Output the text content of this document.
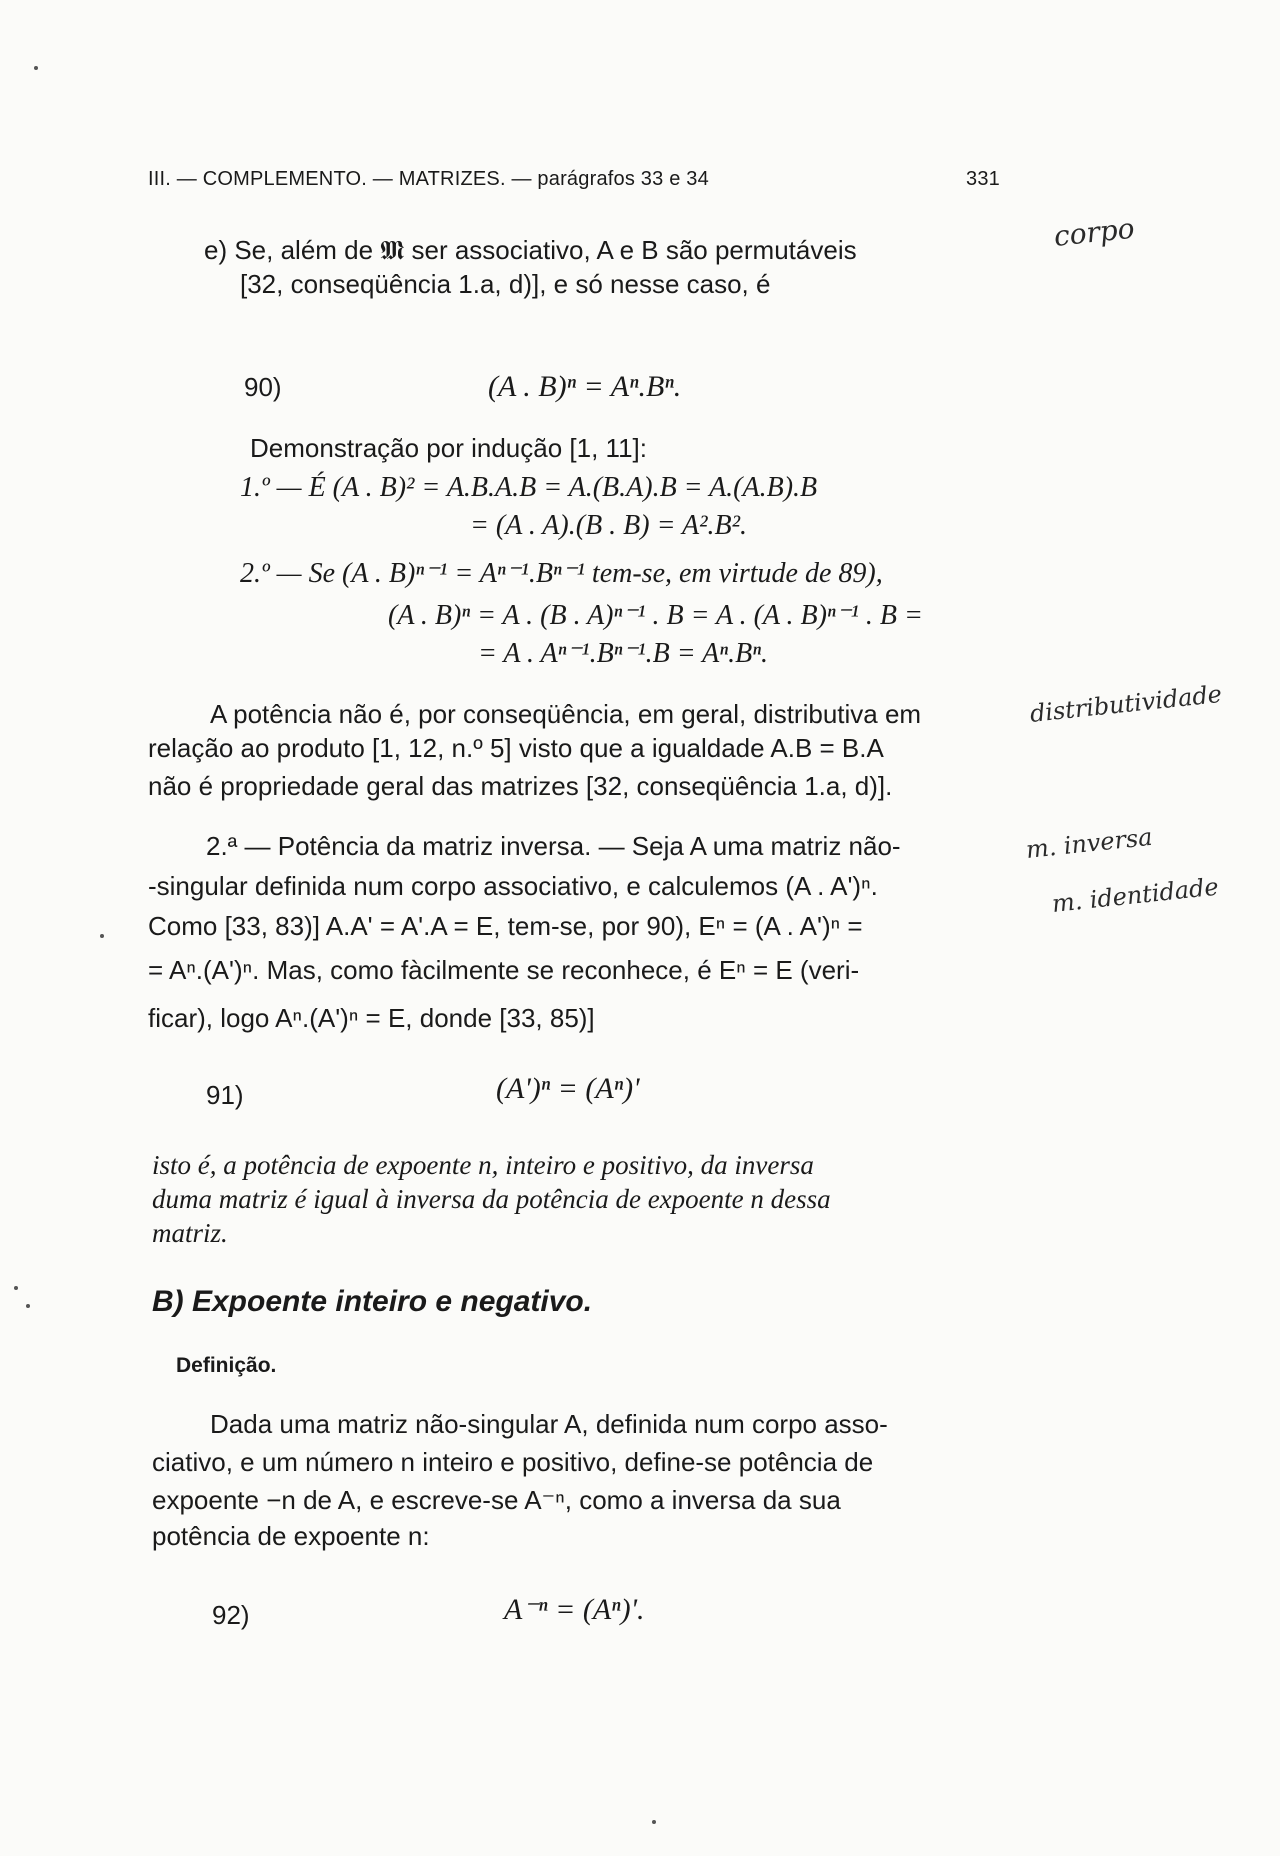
III. — COMPLEMENTO. — MATRIZES. — parágrafos 33 e 34	331
e) Se, além de 𝕸 ser associativo, A e B são permutáveis
[32, conseqüência 1.a, d)], e só nesse caso, é
90)	(A . B)ⁿ = Aⁿ.Bⁿ.
Demonstração por indução [1, 11]:
1.º — É (A . B)² = A.B.A.B = A.(B.A).B = A.(A.B).B
= (A . A).(B . B) = A².B².
2.º — Se (A . B)ⁿ⁻¹ = Aⁿ⁻¹.Bⁿ⁻¹ tem-se, em virtude de 89),
(A . B)ⁿ = A . (B . A)ⁿ⁻¹ . B = A . (A . B)ⁿ⁻¹ . B =
= A . Aⁿ⁻¹.Bⁿ⁻¹.B = Aⁿ.Bⁿ.
A potência não é, por conseqüência, em geral, distributiva em
relação ao produto [1, 12, n.º 5] visto que a igualdade A.B = B.A
não é propriedade geral das matrizes [32, conseqüência 1.a, d)].
2.ª — Potência da matriz inversa. — Seja A uma matriz não-
-singular definida num corpo associativo, e calculemos (A . A')ⁿ.
Como [33, 83)] A.A' = A'.A = E, tem-se, por 90), Eⁿ = (A . A')ⁿ =
= Aⁿ.(A')ⁿ. Mas, como fàcilmente se reconhece, é Eⁿ = E (veri-
ficar), logo Aⁿ.(A')ⁿ = E, donde [33, 85)]
91)	(A')ⁿ = (Aⁿ)'
isto é, a potência de expoente n, inteiro e positivo, da inversa
duma matriz é igual à inversa da potência de expoente n dessa
matriz.
B) Expoente inteiro e negativo.
Definição.
Dada uma matriz não-singular A, definida num corpo asso-
ciativo, e um número n inteiro e positivo, define-se potência de
expoente −n de A, e escreve-se A⁻ⁿ, como a inversa da sua
potência de expoente n:
92)	A⁻ⁿ = (Aⁿ)'.
corpo
distributividade
m. inversa
m. identidade
